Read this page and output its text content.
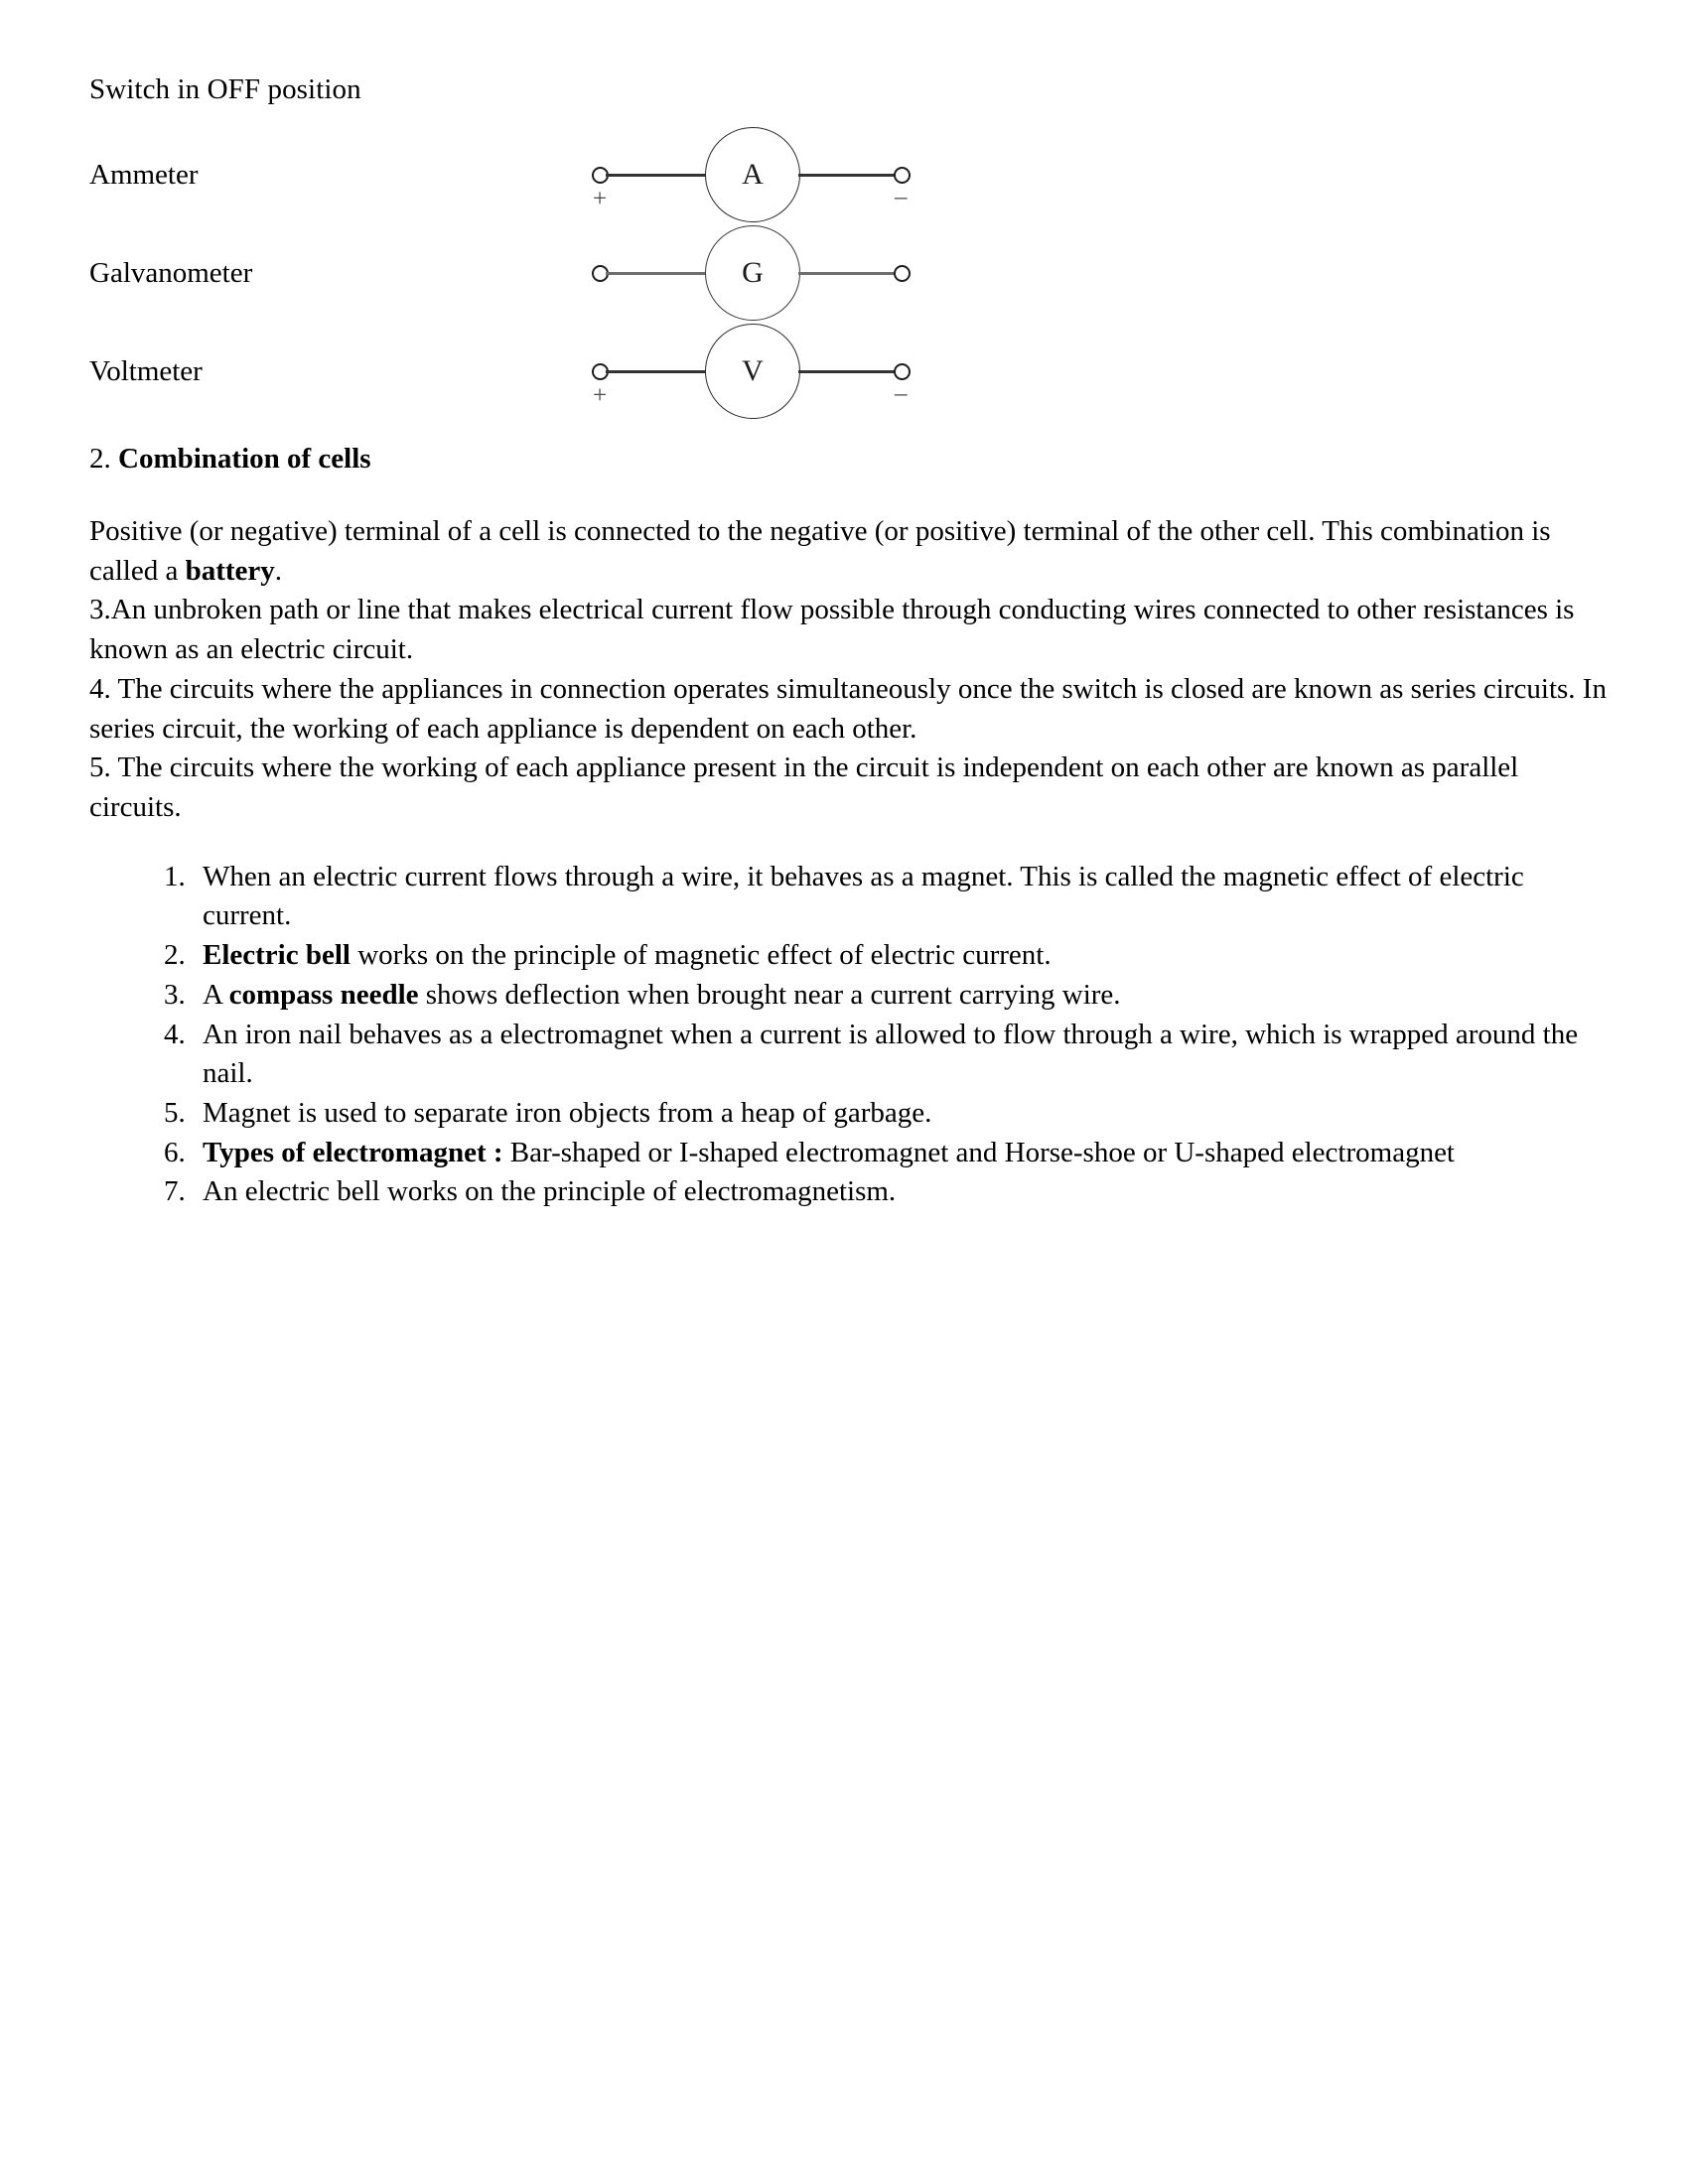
Switch in OFF position
Ammeter
+
A
–
Galvanometer	G
Voltmeter
+
V
–
2. Combination of cells

Positive (or negative) terminal of a cell is connected to the negative (or positive) terminal of the other cell. This combination is called a battery.

3.An unbroken path or line that makes electrical current flow possible through conducting wires connected to other resistances is known as an electric circuit.

4. The circuits where the appliances in connection operates simultaneously once the switch is closed are known as series circuits. In series circuit, the working of each appliance is dependent on each other.

5. The circuits where the working of each appliance present in the circuit is independent on each other are known as parallel circuits.

1. When an electric current flows through a wire, it behaves as a magnet. This is called the magnetic effect of electric current.
2. Electric bell works on the principle of magnetic effect of electric current.
3. A compass needle shows deflection when brought near a current carrying wire.
4. An iron nail behaves as a electromagnet when a current is allowed to flow through a wire, which is wrapped around the nail.
5. Magnet is used to separate iron objects from a heap of garbage.
6. Types of electromagnet : Bar-shaped or I-shaped electromagnet and Horse-shoe or U-shaped electromagnet
7. An electric bell works on the principle of electromagnetism.
